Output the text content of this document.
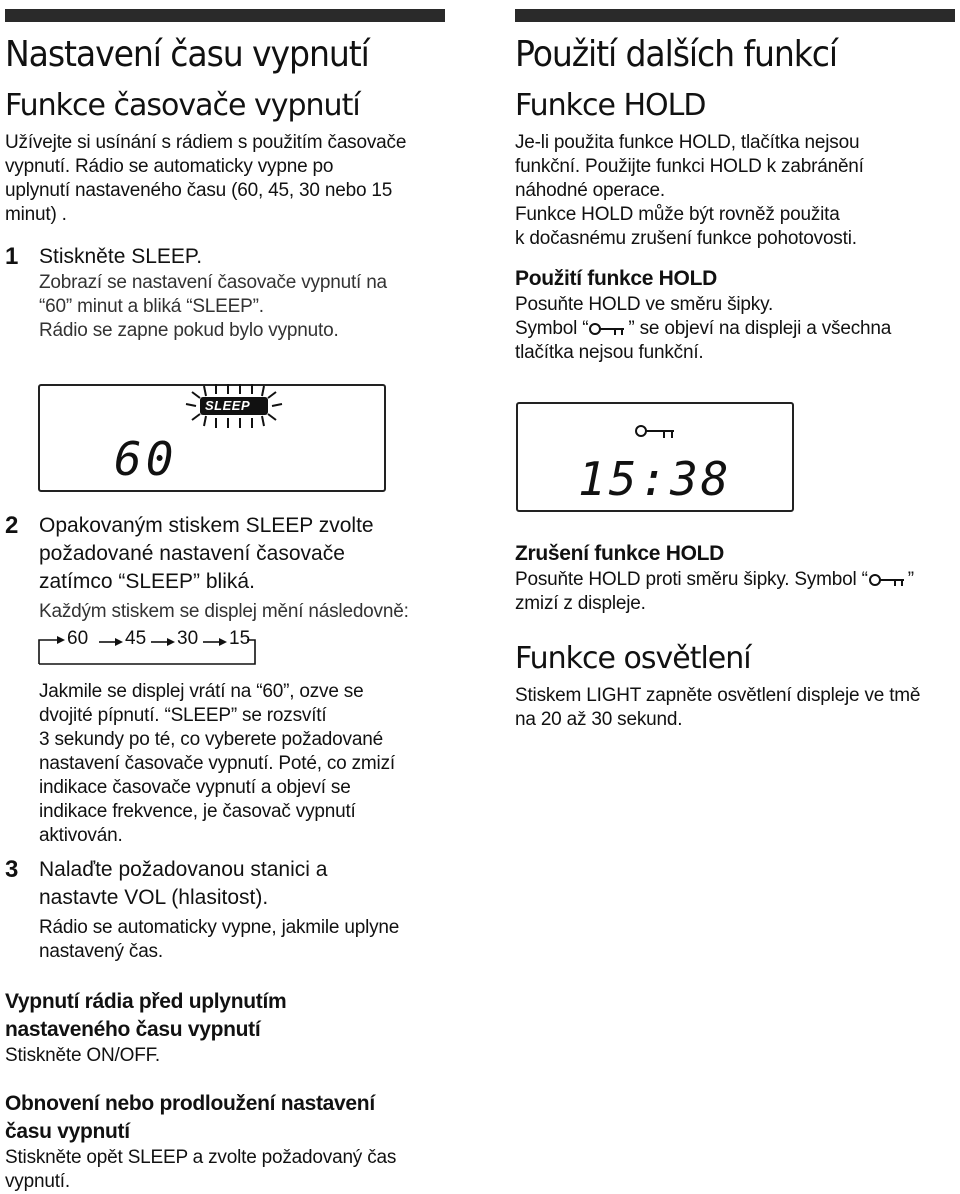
Nastavení času vypnutí
Funkce časovače vypnutí

Užívejte si usínání s rádiem s použitím časovače

vypnutí. Rádio se automaticky vypne po

uplynutí nastaveného času (60, 45, 30 nebo 15

minut) .

1 Stiskněte SLEEP.

Zobrazí se nastavení časovače vypnutí na

“60” minut a bliká “SLEEP”.

Rádio se zapne pokud bylo vypnuto.

SLEEP
60
2 Opakovaným stiskem SLEEP zvolte
požadované nastavení časovače
zatímco “SLEEP” bliká.

Každým stiskem se displej mění následovně:

60 45 30 15

Jakmile se displej vrátí na “60”, ozve se

dvojité pípnutí. “SLEEP” se rozsvítí

3 sekundy po té, co vyberete požadované

nastavení časovače vypnutí. Poté, co zmizí

indikace časovače vypnutí a objeví se

indikace frekvence, je časovač vypnutí

aktivován.

3 Nalaďte požadovanou stanici a
nastavte VOL (hlasitost).

Rádio se automaticky vypne, jakmile uplyne

nastavený čas.

Vypnutí rádia před uplynutím
nastaveného času vypnutí

Stiskněte ON/OFF.

Obnovení nebo prodloužení nastavení
času vypnutí

Stiskněte opět SLEEP a zvolte požadovaný čas

vypnutí.

Použití dalších funkcí
Funkce HOLD

Je-li použita funkce HOLD, tlačítka nejsou

funkční. Použijte funkci HOLD k zabránění

náhodné operace.

Funkce HOLD může být rovněž použita

k dočasnému zrušení funkce pohotovosti.

Použití funkce HOLD

Posuňte HOLD ve směru šipky.

Symbol “ ” se objeví na displeji a všechna

tlačítka nejsou funkční.

15:38
Zrušení funkce HOLD

Posuňte HOLD proti směru šipky. Symbol “ ”

zmizí z displeje.

Funkce osvětlení

Stiskem LIGHT zapněte osvětlení displeje ve tmě

na 20 až 30 sekund.
